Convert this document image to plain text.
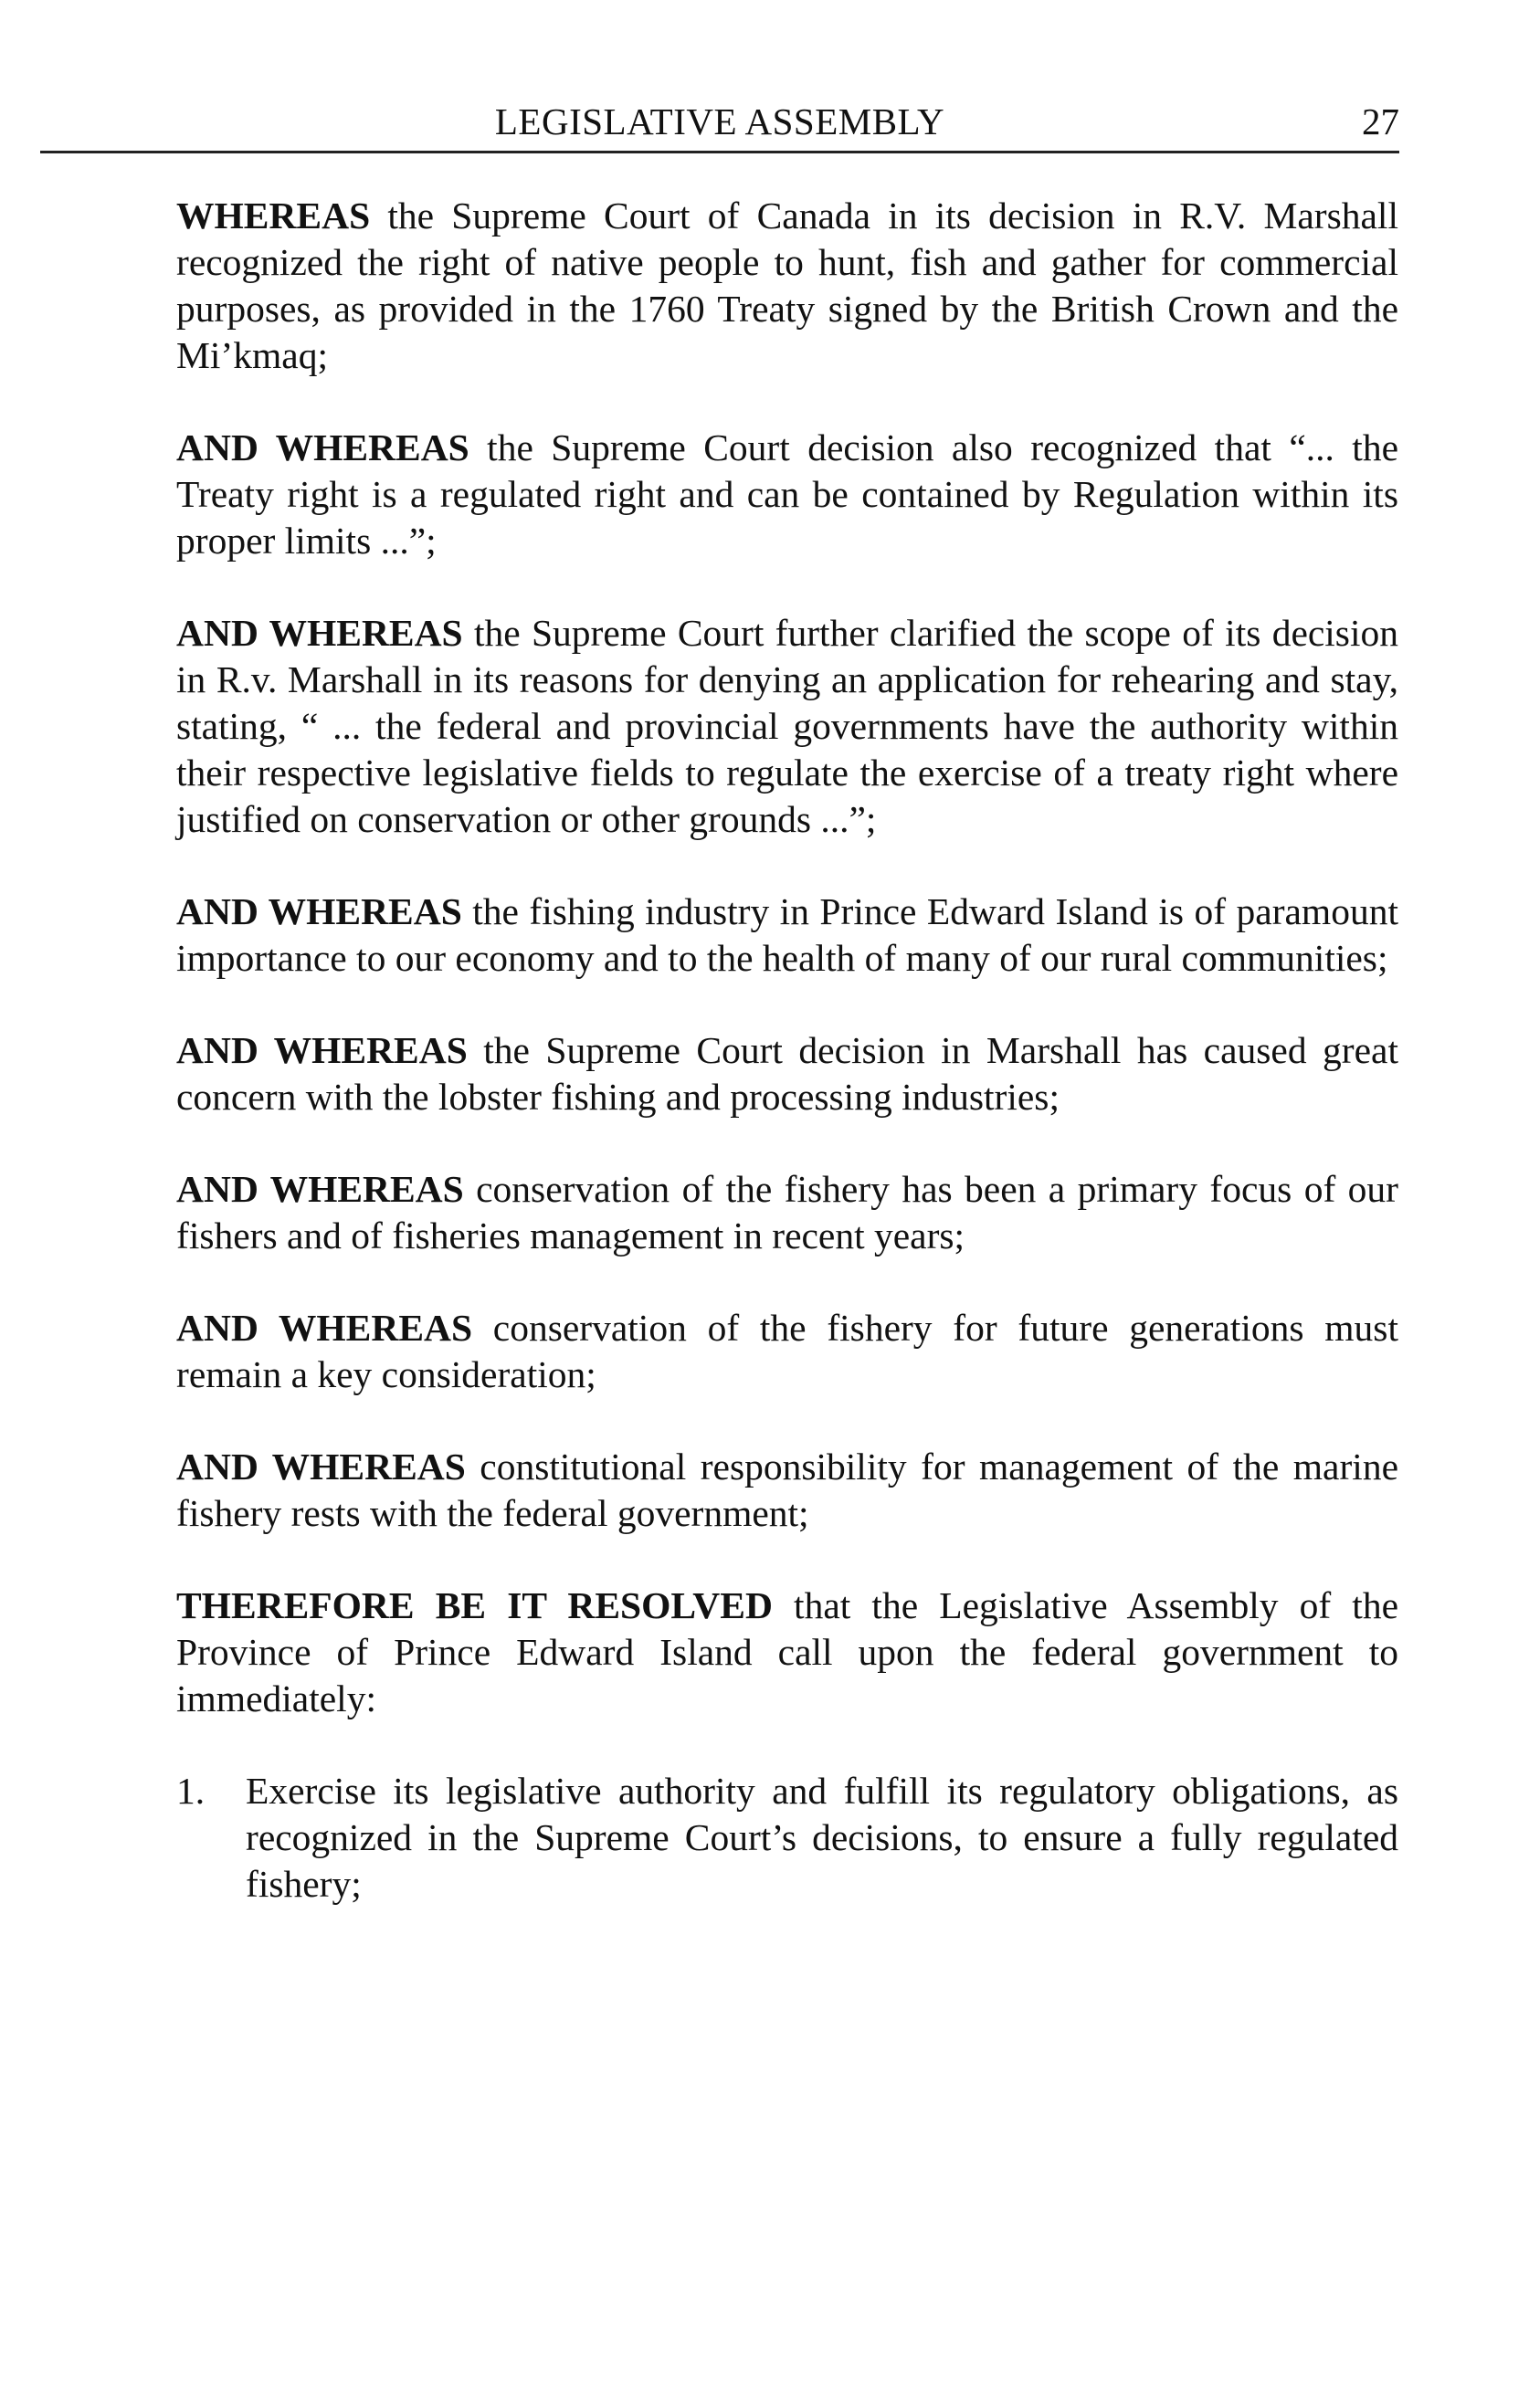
LEGISLATIVE ASSEMBLY	27

WHEREAS the Supreme Court of Canada in its decision in R.V. Marshall recognized the right of native people to hunt, fish and gather for commercial purposes, as provided in the 1760 Treaty signed by the British Crown and the Mi’kmaq;

AND WHEREAS the Supreme Court decision also recognized that “... the Treaty right is a regulated right and can be contained by Regulation within its proper limits ...”;

AND WHEREAS the Supreme Court further clarified the scope of its decision in R.v. Marshall in its reasons for denying an application for rehearing and stay, stating, “ ... the federal and provincial governments have the authority within their respective legislative fields to regulate the exercise of a treaty right where justified on conservation or other grounds ...”;

AND WHEREAS the fishing industry in Prince Edward Island is of paramount importance to our economy and to the health of many of our rural communities;

AND WHEREAS the Supreme Court decision in Marshall has caused great concern with the lobster fishing and processing industries;

AND WHEREAS conservation of the fishery has been a primary focus of our fishers and of fisheries management in recent years;

AND WHEREAS conservation of the fishery for future generations must remain a key consideration;

AND WHEREAS constitutional responsibility for management of the marine fishery rests with the federal government;

THEREFORE BE IT RESOLVED that the Legislative Assembly of the Province of Prince Edward Island call upon the federal government to immediately:

1. Exercise its legislative authority and fulfill its regulatory obligations, as recognized in the Supreme Court’s decisions, to ensure a fully regulated fishery;
